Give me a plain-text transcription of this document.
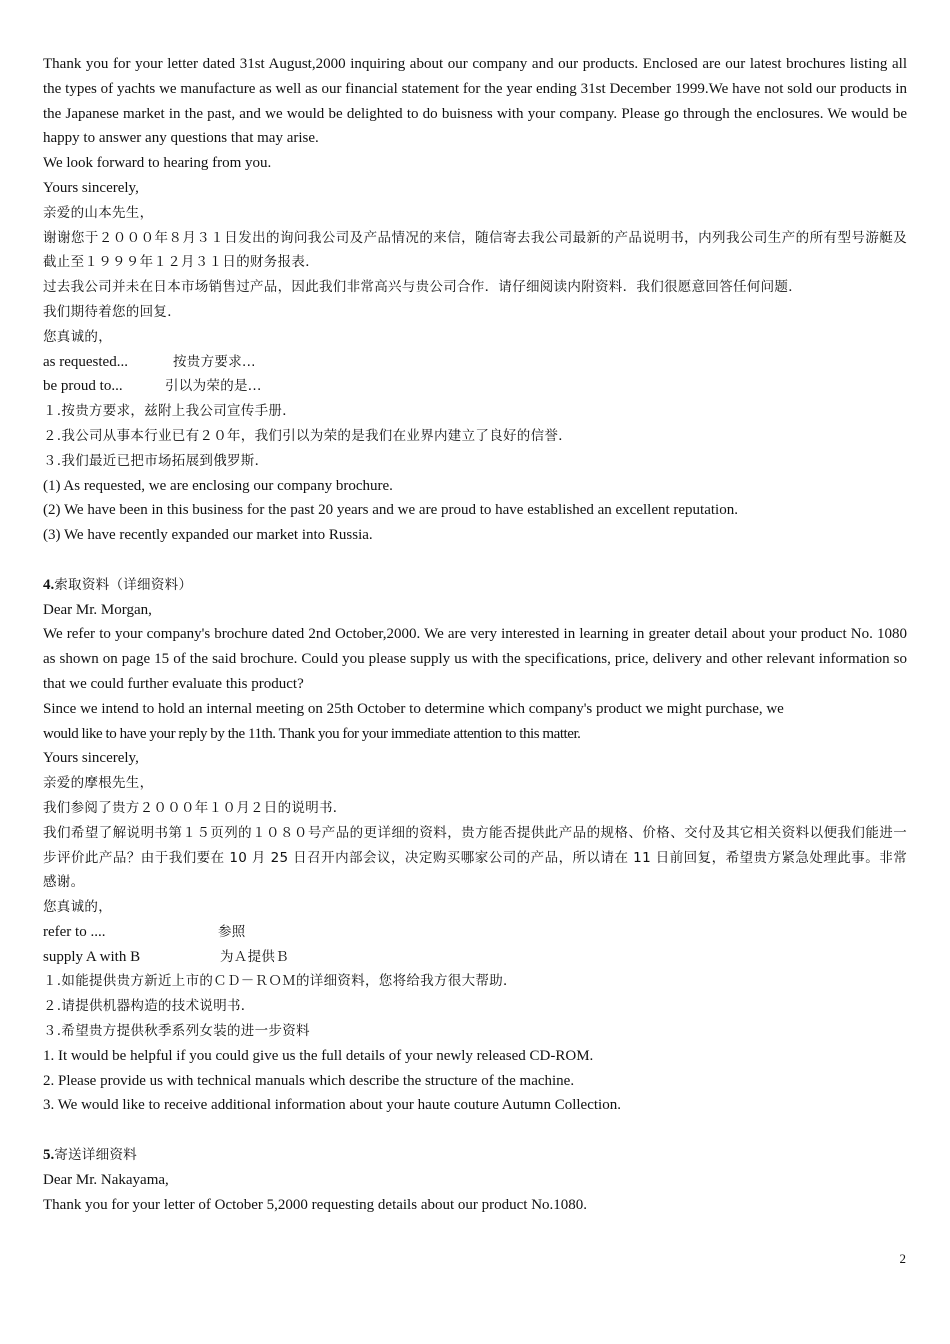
Thank you for your letter dated 31st August,2000 inquiring about our company and our products. Enclosed are our latest brochures listing all the types of yachts we manufacture as well as our financial statement for the year ending 31st December 1999.We have not sold our products in the Japanese market in the past, and we would be delighted to do buisness with your company. Please go through the enclosures. We would be happy to answer any questions that may arise.

We look forward to hearing from you.

Yours sincerely,

亲爱的山本先生，

谢谢您于２０００年８月３１日发出的询问我公司及产品情况的来信，随信寄去我公司最新的产品说明书，内列我公司生产的所有型号游艇及截止至１９９９年１２月３１日的财务报表．

过去我公司并未在日本市场销售过产品，因此我们非常高兴与贵公司合作．请仔细阅读内附资料．我们很愿意回答任何问题．

我们期待着您的回复．

您真诚的，

as requested...	按贵方要求...

be proud to...	引以为荣的是...

１.按贵方要求，兹附上我公司宣传手册．

２.我公司从事本行业已有２０年，我们引以为荣的是我们在业界内建立了良好的信誉．

３.我们最近已把市场拓展到俄罗斯．

(1) As requested, we are enclosing our company brochure.

(2) We have been in this business for the past 20 years and we are proud to have established an excellent reputation.

(3) We have recently expanded our market into Russia.

4.索取资料（详细资料）

Dear Mr. Morgan,

We refer to your company's brochure dated 2nd October,2000. We are very interested in learning in greater detail about your product No. 1080 as shown on page 15 of the said brochure. Could you please supply us with the specifications, price, delivery and other relevant information so that we could further evaluate this product?

Since we intend to hold an internal meeting on 25th October to determine which company's product we might purchase, we

would like to have your reply by the 11th. Thank you for your immediate attention to this matter.

Yours sincerely,

亲爱的摩根先生，

我们参阅了贵方２０００年１０月２日的说明书．

我们希望了解说明书第１５页列的１０８０号产品的更详细的资料，贵方能否提供此产品的规格、价格、交付及其它相关资料以便我们能进一步评价此产品？由于我们要在 10 月 25 日召开内部会议，决定购买哪家公司的产品，所以请在 11 日前回复，希望贵方紧急处理此事。非常感谢。

您真诚的，

refer to ....	参照

supply A with B	为Ａ提供Ｂ

１.如能提供贵方新近上市的ＣＤ－ＲＯＭ的详细资料，您将给我方很大帮助．

２.请提供机器构造的技术说明书．

３.希望贵方提供秋季系列女装的进一步资料

1. It would be helpful if you could give us the full details of your newly released CD-ROM.

2. Please provide us with technical manuals which describe the structure of the machine.

3. We would like to receive additional information about your haute couture Autumn Collection.

5.寄送详细资料

Dear Mr. Nakayama,

Thank you for your letter of October 5,2000 requesting details about our product No.1080.

2
